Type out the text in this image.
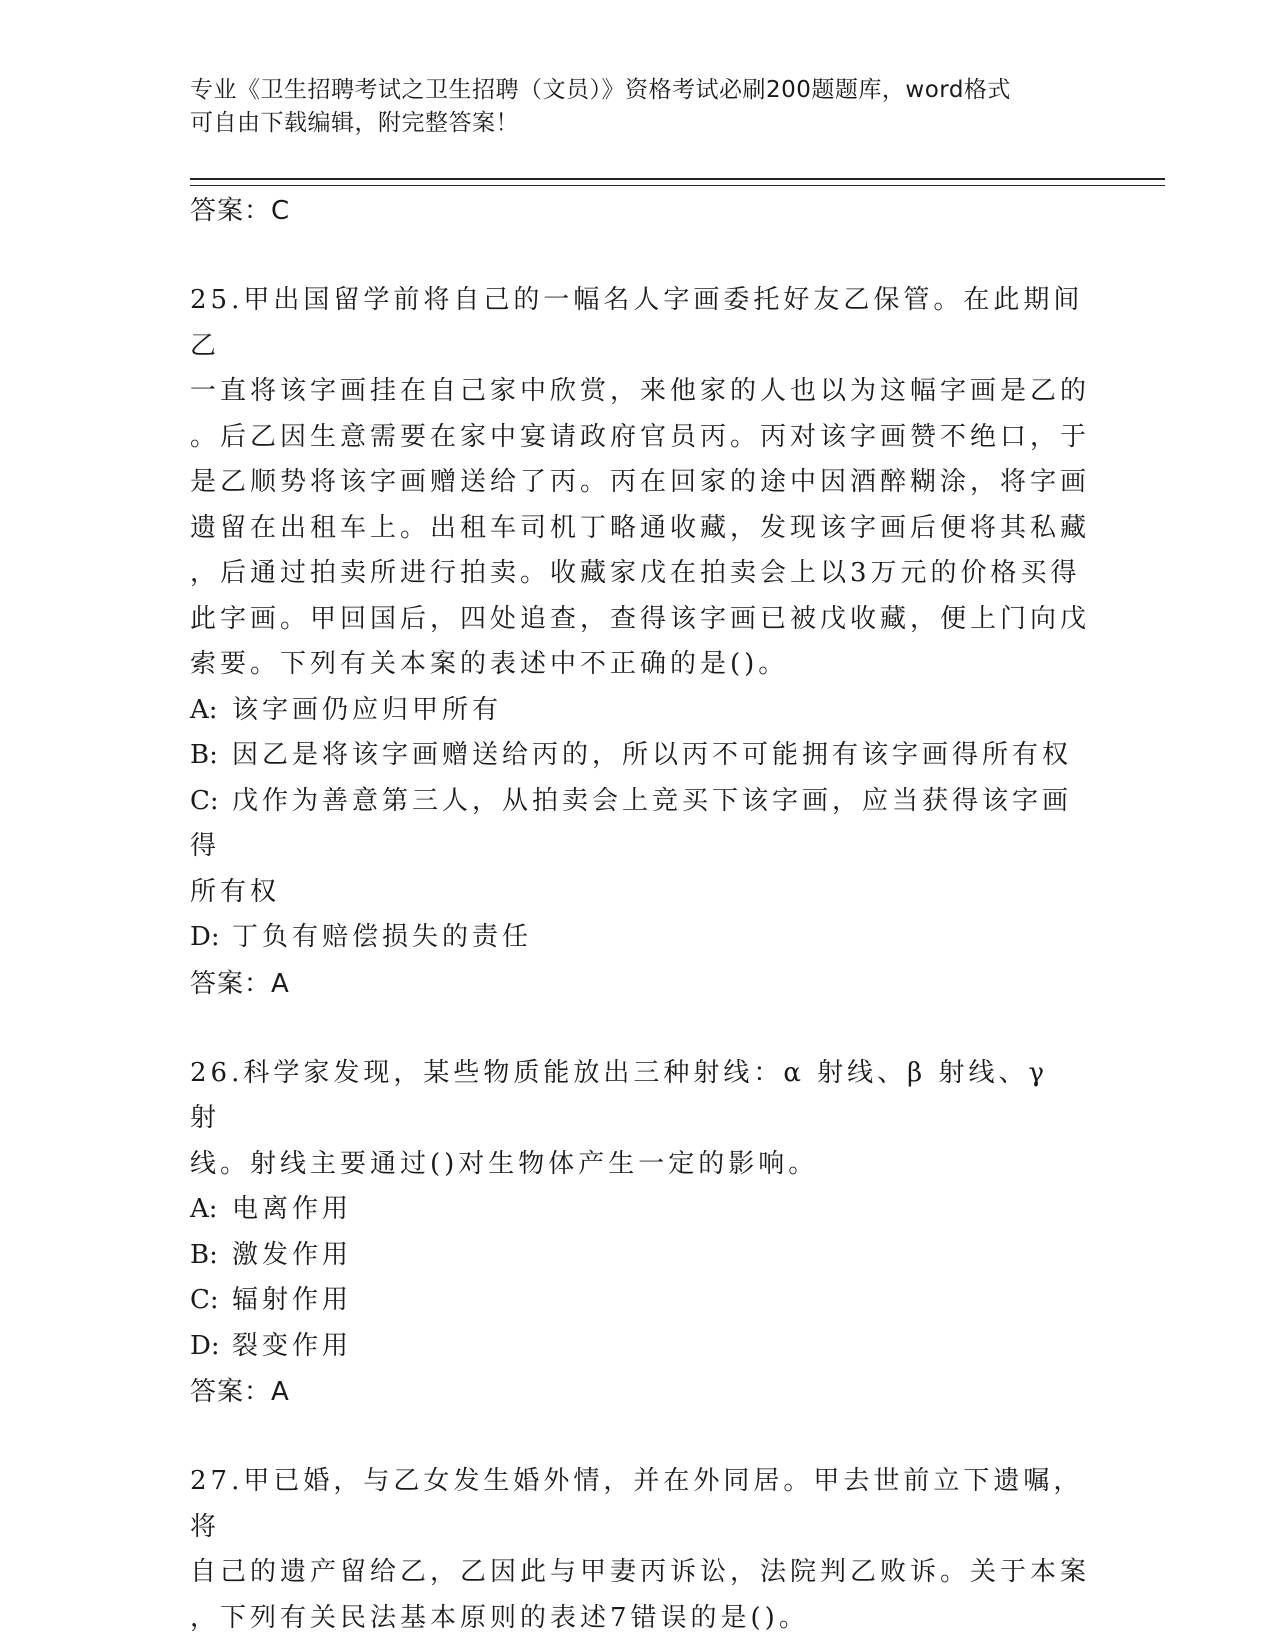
专业《卫生招聘考试之卫生招聘（文员）》资格考试必刷200题题库，word格式
可自由下载编辑，附完整答案！
答案：C

25.甲出国留学前将自己的一幅名人字画委托好友乙保管。在此期间乙

一直将该字画挂在自己家中欣赏，来他家的人也以为这幅字画是乙的

。后乙因生意需要在家中宴请政府官员丙。丙对该字画赞不绝口，于

是乙顺势将该字画赠送给了丙。丙在回家的途中因酒醉糊涂，将字画

遗留在出租车上。出租车司机丁略通收藏，发现该字画后便将其私藏

，后通过拍卖所进行拍卖。收藏家戊在拍卖会上以3万元的价格买得

此字画。甲回国后，四处追查，查得该字画已被戊收藏，便上门向戊

索要。下列有关本案的表述中不正确的是()。

A: 该字画仍应归甲所有

B: 因乙是将该字画赠送给丙的，所以丙不可能拥有该字画得所有权

C: 戊作为善意第三人，从拍卖会上竞买下该字画，应当获得该字画得

所有权

D: 丁负有赔偿损失的责任

答案：A

26.科学家发现，某些物质能放出三种射线：α 射线、β 射线、γ 射

线。射线主要通过()对生物体产生一定的影响。

A: 电离作用

B: 激发作用

C: 辐射作用

D: 裂变作用

答案：A

27.甲已婚，与乙女发生婚外情，并在外同居。甲去世前立下遗嘱，将

自己的遗产留给乙，乙因此与甲妻丙诉讼，法院判乙败诉。关于本案

，下列有关民法基本原则的表述7错误的是()。
